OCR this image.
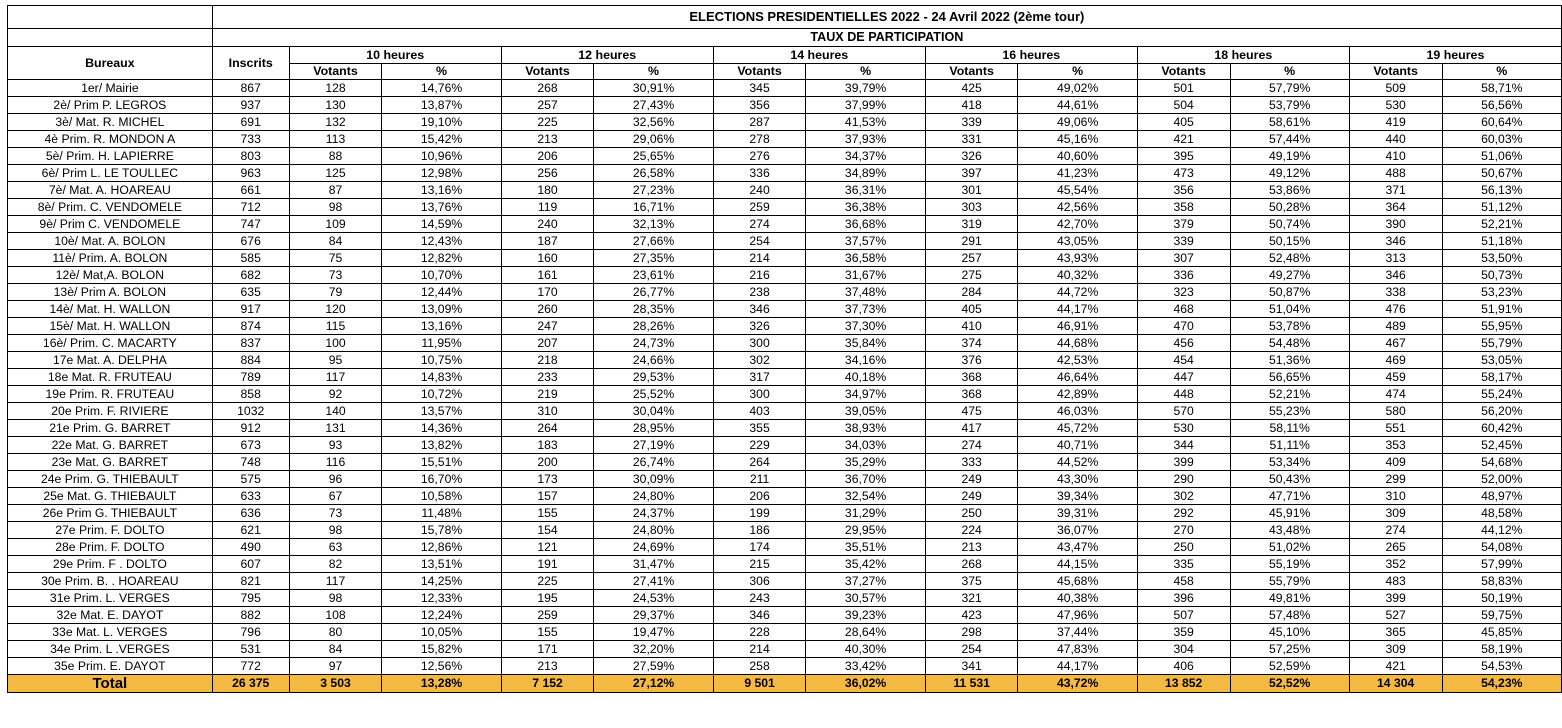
	ELECTIONS PRESIDENTIELLES 2022 - 24 Avril 2022 (2ème tour)												
	TAUX DE PARTICIPATION												
Bureaux	Inscrits	10 heures		12 heures		14 heures		16 heures		18 heures		19 heures	
		Votants	%	Votants	%	Votants	%	Votants	%	Votants	%	Votants	%
1er/ Mairie	867	128	14,76%	268	30,91%	345	39,79%	425	49,02%	501	57,79%	509	58,71%
2è/ Prim P. LEGROS	937	130	13,87%	257	27,43%	356	37,99%	418	44,61%	504	53,79%	530	56,56%
3è/ Mat. R. MICHEL	691	132	19,10%	225	32,56%	287	41,53%	339	49,06%	405	58,61%	419	60,64%
4è Prim. R. MONDON A	733	113	15,42%	213	29,06%	278	37,93%	331	45,16%	421	57,44%	440	60,03%
5è/ Prim. H. LAPIERRE	803	88	10,96%	206	25,65%	276	34,37%	326	40,60%	395	49,19%	410	51,06%
6è/ Prim L. LE TOULLEC	963	125	12,98%	256	26,58%	336	34,89%	397	41,23%	473	49,12%	488	50,67%
7è/ Mat. A. HOAREAU	661	87	13,16%	180	27,23%	240	36,31%	301	45,54%	356	53,86%	371	56,13%
8è/ Prim. C. VENDOMELE	712	98	13,76%	119	16,71%	259	36,38%	303	42,56%	358	50,28%	364	51,12%
9è/ Prim C. VENDOMELE	747	109	14,59%	240	32,13%	274	36,68%	319	42,70%	379	50,74%	390	52,21%
10è/ Mat. A. BOLON	676	84	12,43%	187	27,66%	254	37,57%	291	43,05%	339	50,15%	346	51,18%
11è/ Prim. A. BOLON	585	75	12,82%	160	27,35%	214	36,58%	257	43,93%	307	52,48%	313	53,50%
12è/ Mat,A. BOLON	682	73	10,70%	161	23,61%	216	31,67%	275	40,32%	336	49,27%	346	50,73%
13è/ Prim A. BOLON	635	79	12,44%	170	26,77%	238	37,48%	284	44,72%	323	50,87%	338	53,23%
14è/ Mat. H. WALLON	917	120	13,09%	260	28,35%	346	37,73%	405	44,17%	468	51,04%	476	51,91%
15è/ Mat. H. WALLON	874	115	13,16%	247	28,26%	326	37,30%	410	46,91%	470	53,78%	489	55,95%
16è/ Prim. C. MACARTY	837	100	11,95%	207	24,73%	300	35,84%	374	44,68%	456	54,48%	467	55,79%
17e Mat. A. DELPHA	884	95	10,75%	218	24,66%	302	34,16%	376	42,53%	454	51,36%	469	53,05%
18e Mat. R. FRUTEAU	789	117	14,83%	233	29,53%	317	40,18%	368	46,64%	447	56,65%	459	58,17%
19e Prim. R. FRUTEAU	858	92	10,72%	219	25,52%	300	34,97%	368	42,89%	448	52,21%	474	55,24%
20e Prim. F. RIVIERE	1032	140	13,57%	310	30,04%	403	39,05%	475	46,03%	570	55,23%	580	56,20%
21e Prim. G. BARRET	912	131	14,36%	264	28,95%	355	38,93%	417	45,72%	530	58,11%	551	60,42%
22e Mat. G. BARRET	673	93	13,82%	183	27,19%	229	34,03%	274	40,71%	344	51,11%	353	52,45%
23e Mat. G. BARRET	748	116	15,51%	200	26,74%	264	35,29%	333	44,52%	399	53,34%	409	54,68%
24e Prim. G. THIEBAULT	575	96	16,70%	173	30,09%	211	36,70%	249	43,30%	290	50,43%	299	52,00%
25e Mat. G. THIEBAULT	633	67	10,58%	157	24,80%	206	32,54%	249	39,34%	302	47,71%	310	48,97%
26e Prim G. THIEBAULT	636	73	11,48%	155	24,37%	199	31,29%	250	39,31%	292	45,91%	309	48,58%
27e Prim. F. DOLTO	621	98	15,78%	154	24,80%	186	29,95%	224	36,07%	270	43,48%	274	44,12%
28e Prim. F. DOLTO	490	63	12,86%	121	24,69%	174	35,51%	213	43,47%	250	51,02%	265	54,08%
29e Prim. F . DOLTO	607	82	13,51%	191	31,47%	215	35,42%	268	44,15%	335	55,19%	352	57,99%
30e Prim. B. . HOAREAU	821	117	14,25%	225	27,41%	306	37,27%	375	45,68%	458	55,79%	483	58,83%
31e Prim. L. VERGES	795	98	12,33%	195	24,53%	243	30,57%	321	40,38%	396	49,81%	399	50,19%
32e Mat. E. DAYOT	882	108	12,24%	259	29,37%	346	39,23%	423	47,96%	507	57,48%	527	59,75%
33e Mat. L. VERGES	796	80	10,05%	155	19,47%	228	28,64%	298	37,44%	359	45,10%	365	45,85%
34e Prim. L .VERGES	531	84	15,82%	171	32,20%	214	40,30%	254	47,83%	304	57,25%	309	58,19%
35e Prim. E. DAYOT	772	97	12,56%	213	27,59%	258	33,42%	341	44,17%	406	52,59%	421	54,53%
Total	26 375	3 503	13,28%	7 152	27,12%	9 501	36,02%	11 531	43,72%	13 852	52,52%	14 304	54,23%
